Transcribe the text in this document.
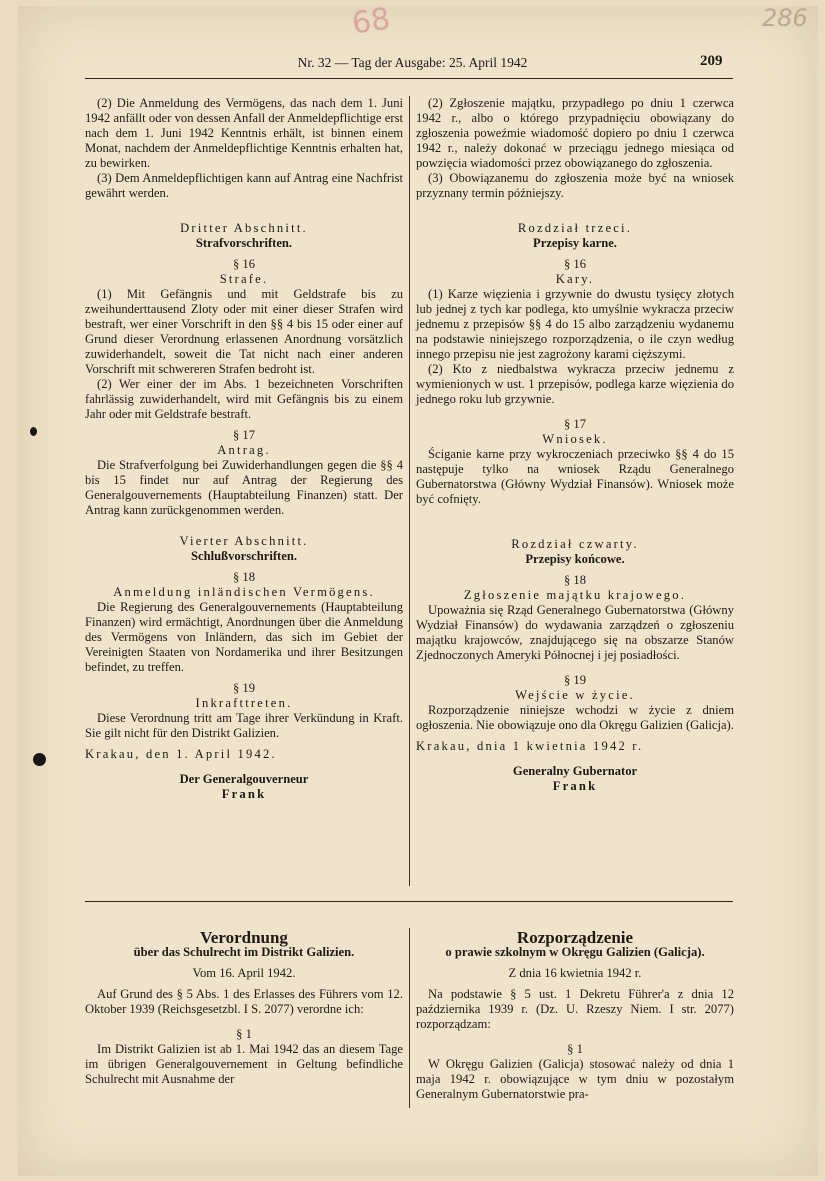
68	286
Nr. 32 — Tag der Ausgabe: 25. April 1942	209

(2) Die Anmeldung des Vermögens, das nach dem 1. Juni 1942 anfällt oder von dessen Anfall der Anmeldepflichtige erst nach dem 1. Juni 1942 Kenntnis erhält, ist binnen einem Monat, nachdem der Anmeldepflichtige Kenntnis erhalten hat, zu bewirken.

(3) Dem Anmeldepflichtigen kann auf Antrag eine Nachfrist gewährt werden.

Dritter Abschnitt.

Strafvorschriften.

§ 16

Strafe.

(1) Mit Gefängnis und mit Geldstrafe bis zu zweihunderttausend Zloty oder mit einer dieser Strafen wird bestraft, wer einer Vorschrift in den §§ 4 bis 15 oder einer auf Grund dieser Verordnung erlassenen Anordnung vorsätzlich zuwiderhandelt, soweit die Tat nicht nach einer anderen Vorschrift mit schwereren Strafen bedroht ist.

(2) Wer einer der im Abs. 1 bezeichneten Vorschriften fahrlässig zuwiderhandelt, wird mit Gefängnis bis zu einem Jahr oder mit Geldstrafe bestraft.

§ 17

Antrag.

Die Strafverfolgung bei Zuwiderhandlungen gegen die §§ 4 bis 15 findet nur auf Antrag der Regierung des Generalgouvernements (Hauptabteilung Finanzen) statt. Der Antrag kann zurückgenommen werden.

Vierter Abschnitt.

Schlußvorschriften.

§ 18

Anmeldung inländischen Vermögens.

Die Regierung des Generalgouvernements (Hauptabteilung Finanzen) wird ermächtigt, Anordnungen über die Anmeldung des Vermögens von Inländern, das sich im Gebiet der Vereinigten Staaten von Nordamerika und ihrer Besitzungen befindet, zu treffen.

§ 19

Inkrafttreten.

Diese Verordnung tritt am Tage ihrer Verkündung in Kraft. Sie gilt nicht für den Distrikt Galizien.

Krakau, den 1. April 1942.

Der Generalgouverneur

Frank

(2) Zgłoszenie majątku, przypadłego po dniu 1 czerwca 1942 r., albo o którego przypadnięciu obowiązany do zgłoszenia poweźmie wiadomość dopiero po dniu 1 czerwca 1942 r., należy dokonać w przeciągu jednego miesiąca od powzięcia wiadomości przez obowiązanego do zgłoszenia.

(3) Obowiązanemu do zgłoszenia może być na wniosek przyznany termin późniejszy.

Rozdział trzeci.

Przepisy karne.

§ 16

Kary.

(1) Karze więzienia i grzywnie do dwustu tysięcy złotych lub jednej z tych kar podlega, kto umyślnie wykracza przeciw jednemu z przepisów §§ 4 do 15 albo zarządzeniu wydanemu na podstawie niniejszego rozporządzenia, o ile czyn według innego przepisu nie jest zagrożony karami cięższymi.

(2) Kto z niedbalstwa wykracza przeciw jednemu z wymienionych w ust. 1 przepisów, podlega karze więzienia do jednego roku lub grzywnie.

§ 17

Wniosek.

Ściganie karne przy wykroczeniach przeciwko §§ 4 do 15 następuje tylko na wniosek Rządu Generalnego Gubernatorstwa (Główny Wydział Finansów). Wniosek może być cofnięty.

Rozdział czwarty.

Przepisy końcowe.

§ 18

Zgłoszenie majątku krajowego.

Upoważnia się Rząd Generalnego Gubernatorstwa (Główny Wydział Finansów) do wydawania zarządzeń o zgłoszeniu majątku krajowców, znajdującego się na obszarze Stanów Zjednoczonych Ameryki Północnej i jej posiadłości.

§ 19

Wejście w życie.

Rozporządzenie niniejsze wchodzi w życie z dniem ogłoszenia. Nie obowiązuje ono dla Okręgu Galizien (Galicja).

Krakau, dnia 1 kwietnia 1942 r.

Generalny Gubernator

Frank

Verordnung

über das Schulrecht im Distrikt Galizien.

Vom 16. April 1942.

Auf Grund des § 5 Abs. 1 des Erlasses des Führers vom 12. Oktober 1939 (Reichsgesetzbl. I S. 2077) verordne ich:

§ 1

Im Distrikt Galizien ist ab 1. Mai 1942 das an diesem Tage im übrigen Generalgouvernement in Geltung befindliche Schulrecht mit Ausnahme der

Rozporządzenie

o prawie szkolnym w Okręgu Galizien (Galicja).

Z dnia 16 kwietnia 1942 r.

Na podstawie § 5 ust. 1 Dekretu Führer'a z dnia 12 października 1939 r. (Dz. U. Rzeszy Niem. I str. 2077) rozporządzam:

§ 1

W Okręgu Galizien (Galicja) stosować należy od dnia 1 maja 1942 r. obowiązujące w tym dniu w pozostałym Generalnym Gubernatorstwie pra-
